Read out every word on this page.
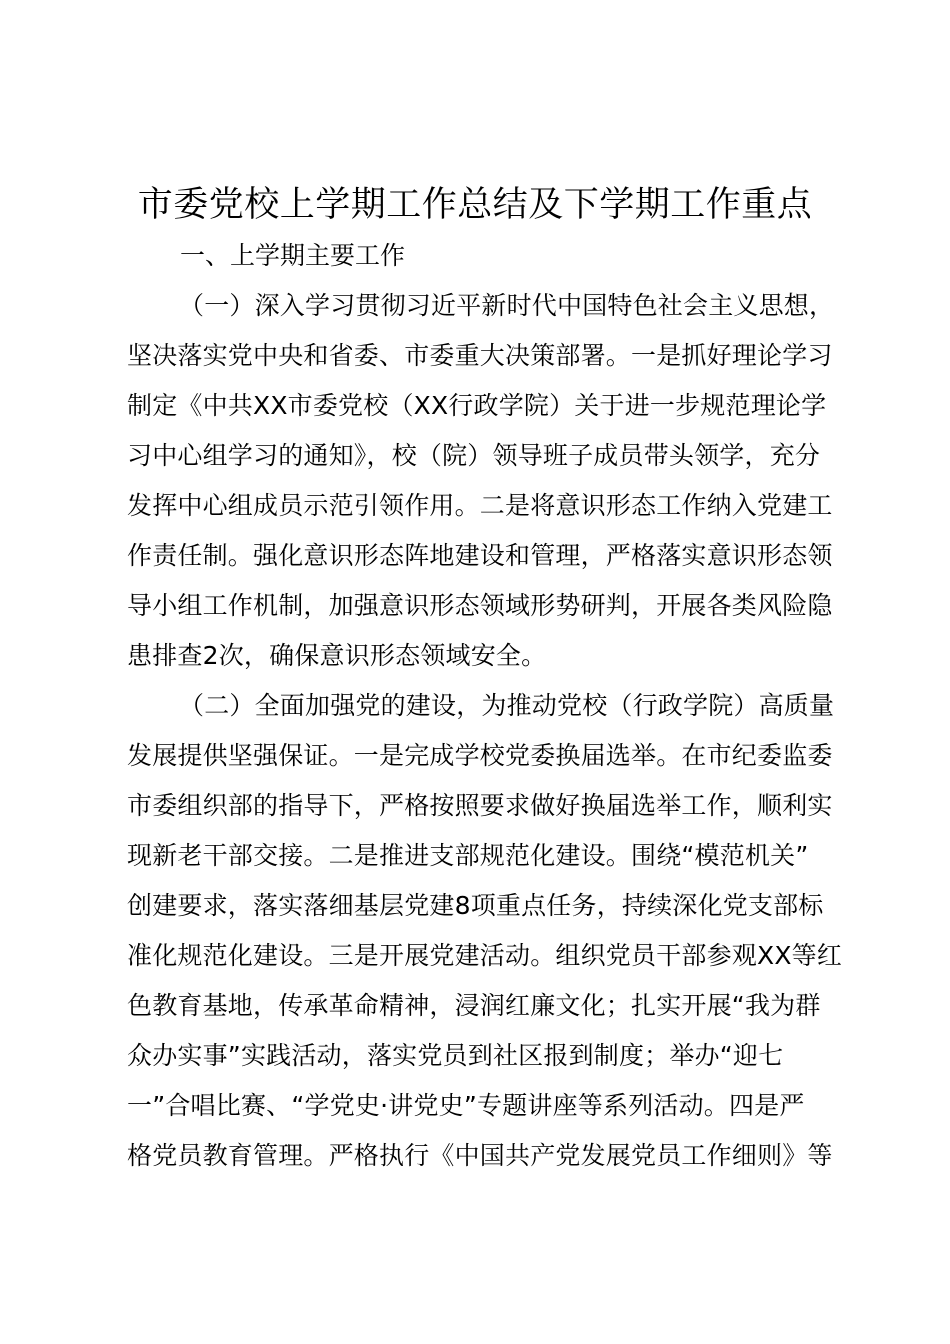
市委党校上学期工作总结及下学期工作重点
一、上学期主要工作
（一）深入学习贯彻习近平新时代中国特色社会主义思想，
坚决落实党中央和省委、市委重大决策部署。一是抓好理论学习
制定《中共XX市委党校（XX行政学院）关于进一步规范理论学
习中心组学习的通知》，校（院）领导班子成员带头领学，充分
发挥中心组成员示范引领作用。二是将意识形态工作纳入党建工
作责任制。强化意识形态阵地建设和管理，严格落实意识形态领
导小组工作机制，加强意识形态领域形势研判，开展各类风险隐
患排查2次，确保意识形态领域安全。
（二）全面加强党的建设，为推动党校（行政学院）高质量
发展提供坚强保证。一是完成学校党委换届选举。在市纪委监委
市委组织部的指导下，严格按照要求做好换届选举工作，顺利实
现新老干部交接。二是推进支部规范化建设。围绕“模范机关”
创建要求，落实落细基层党建8项重点任务，持续深化党支部标
准化规范化建设。三是开展党建活动。组织党员干部参观XX等红
色教育基地，传承革命精神，浸润红廉文化；扎实开展“我为群
众办实事”实践活动，落实党员到社区报到制度；举办“迎七
一”合唱比赛、“学党史·讲党史”专题讲座等系列活动。四是严
格党员教育管理。严格执行《中国共产党发展党员工作细则》等
